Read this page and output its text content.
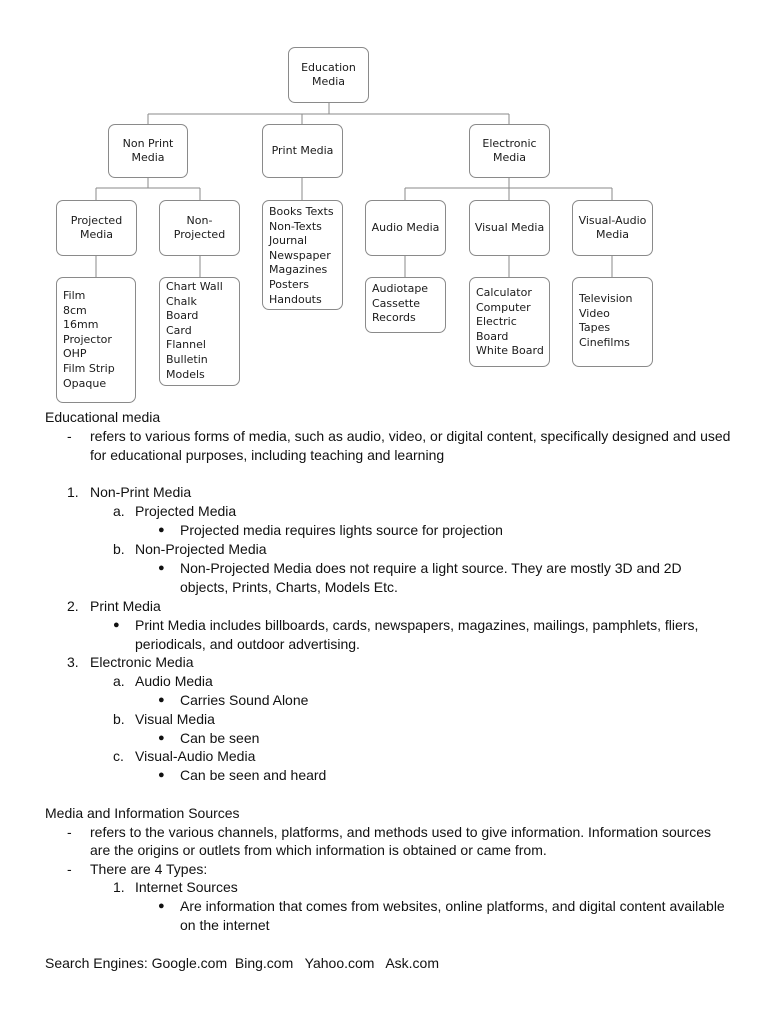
Education
Media
Non Print
Media
Print Media
Electronic
Media
Projected
Media
Non-
Projected
Audio Media	Visual Media
Visual-Audio
Media
Books Texts
Non-Texts
Journal
Newspaper
Magazines
Posters
Handouts
Film
8cm
16mm
Projector
OHP
Film Strip
Opaque
Chart Wall
Chalk
Board
Card
Flannel
Bulletin
Models
Audiotape
Cassette
Records
Calculator
Computer
Electric
Board
White Board
Television
Video
Tapes
Cinefilms
Educational media
- refers to various forms of media, such as audio, video, or digital content, specifically designed and used
for educational purposes, including teaching and learning
1. Non-Print Media
a. Projected Media
● Projected media requires lights source for projection
b. Non-Projected Media
● Non-Projected Media does not require a light source. They are mostly 3D and 2D
objects, Prints, Charts, Models Etc.
2. Print Media
● Print Media includes billboards, cards, newspapers, magazines, mailings, pamphlets, fliers,
periodicals, and outdoor advertising.
3. Electronic Media
a. Audio Media
● Carries Sound Alone
b. Visual Media
● Can be seen
c. Visual-Audio Media
● Can be seen and heard
Media and Information Sources
- refers to the various channels, platforms, and methods used to give information. Information sources
are the origins or outlets from which information is obtained or came from.
- There are 4 Types:
1. Internet Sources
● Are information that comes from websites, online platforms, and digital content available
on the internet
Search Engines: Google.com  Bing.com   Yahoo.com   Ask.com
